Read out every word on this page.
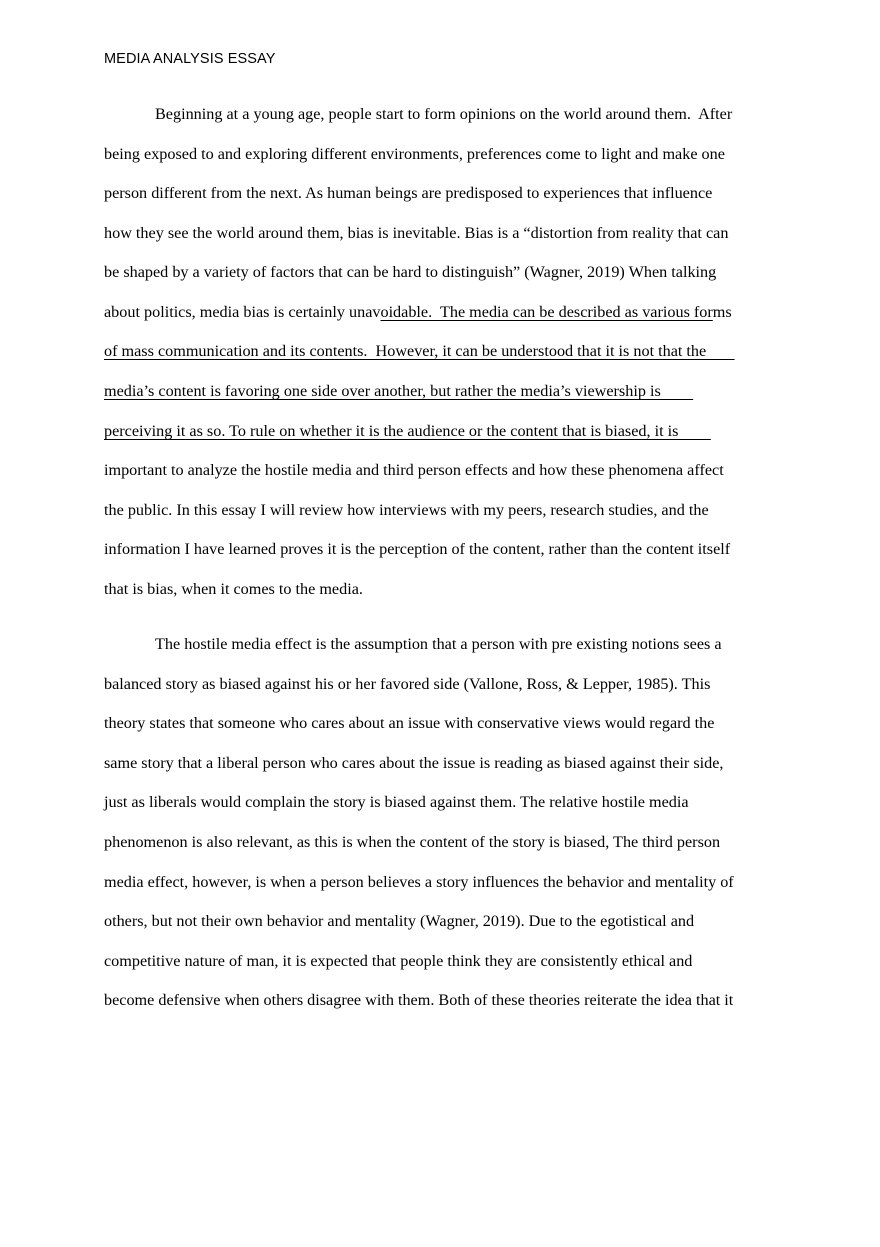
MEDIA ANALYSIS ESSAY
Beginning at a young age, people start to form opinions on the world around them.  After
being exposed to and exploring different environments, preferences come to light and make one
person different from the next. As human beings are predisposed to experiences that influence
how they see the world around them, bias is inevitable. Bias is a “distortion from reality that can
be shaped by a variety of factors that can be hard to distinguish” (Wagner, 2019) When talking
about politics, media bias is certainly unavoidable.  The media can be described as various forms
of mass communication and its contents.  However, it can be understood that it is not that the
media’s content is favoring one side over another, but rather the media’s viewership is
perceiving it as so. To rule on whether it is the audience or the content that is biased, it is
important to analyze the hostile media and third person effects and how these phenomena affect
the public. In this essay I will review how interviews with my peers, research studies, and the
information I have learned proves it is the perception of the content, rather than the content itself
that is bias, when it comes to the media.
The hostile media effect is the assumption that a person with pre existing notions sees a
balanced story as biased against his or her favored side (Vallone, Ross, & Lepper, 1985). This
theory states that someone who cares about an issue with conservative views would regard the
same story that a liberal person who cares about the issue is reading as biased against their side,
just as liberals would complain the story is biased against them. The relative hostile media
phenomenon is also relevant, as this is when the content of the story is biased, The third person
media effect, however, is when a person believes a story influences the behavior and mentality of
others, but not their own behavior and mentality (Wagner, 2019). Due to the egotistical and
competitive nature of man, it is expected that people think they are consistently ethical and
become defensive when others disagree with them. Both of these theories reiterate the idea that it
